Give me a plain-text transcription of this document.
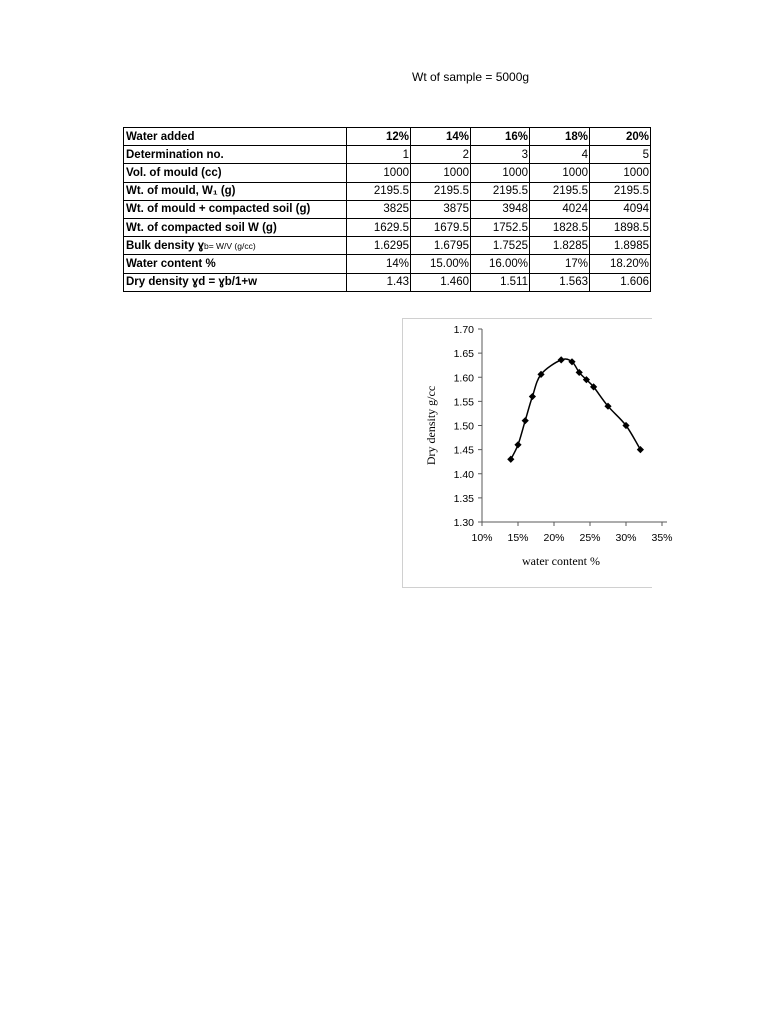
Wt of sample = 5000g
Water added	12%	14%	16%	18%	20%
Determination no.	1	2	3	4	5
Vol. of mould (cc)	1000	1000	1000	1000	1000
Wt. of mould, W₁ (g)	2195.5	2195.5	2195.5	2195.5	2195.5
Wt. of mould + compacted soil (g)	3825	3875	3948	4024	4094
Wt. of compacted soil W (g)	1629.5	1679.5	1752.5	1828.5	1898.5
Bulk density ɣb= W/V (g/cc)	1.6295	1.6795	1.7525	1.8285	1.8985
Water content %	14%	15.00%	16.00%	17%	18.20%
Dry density ɣd = ɣb/1+w	1.43	1.460	1.511	1.563	1.606
1.30
1.35
1.40
1.45
1.50
1.55
1.60
1.65
1.70
10% 15% 20% 25% 30% 35%
Dry density g/cc
water content %
